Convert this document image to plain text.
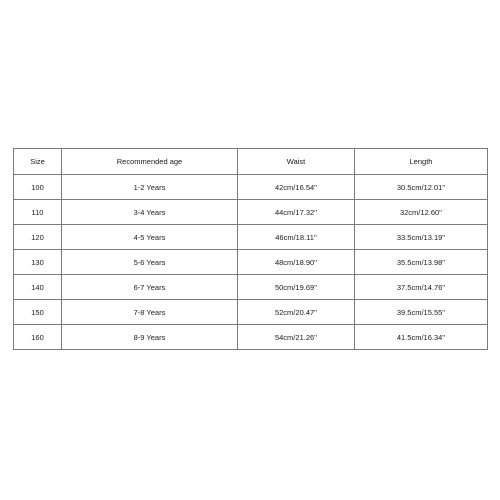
Size	Recommended age	Waist	Length
100	1-2 Years	42cm/16.54''	30.5cm/12.01''
110	3-4 Years	44cm/17.32''	32cm/12.60''
120	4-5 Years	46cm/18.11''	33.5cm/13.19''
130	5-6 Years	48cm/18.90''	35.5cm/13.98''
140	6-7 Years	50cm/19.69''	37.5cm/14.76''
150	7-8 Years	52cm/20.47''	39.5cm/15.55''
160	8-9 Years	54cm/21.26''	41.5cm/16.34''
